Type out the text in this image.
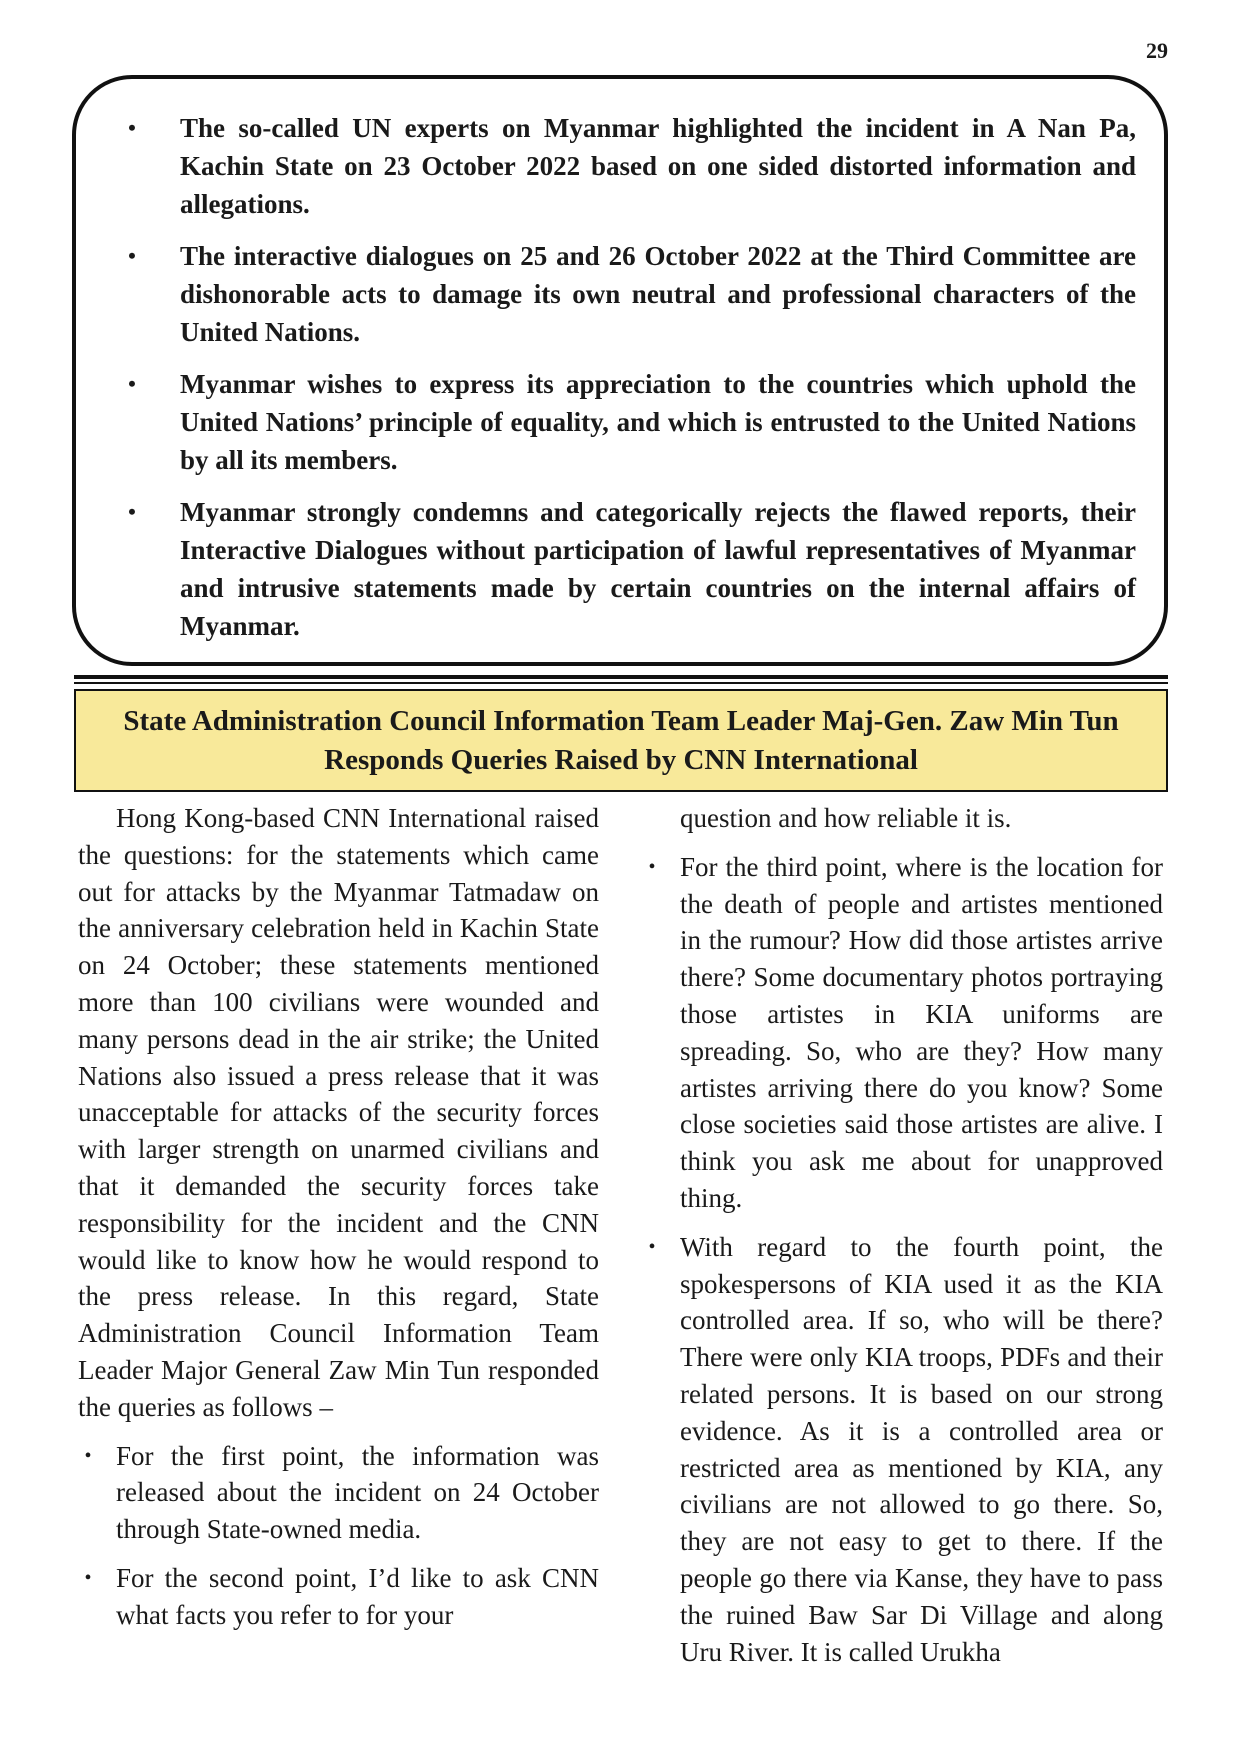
29
•	The so-called UN experts on Myanmar highlighted the incident in A Nan Pa, Kachin State on 23 October 2022 based on one sided distorted information and allegations.
•	The interactive dialogues on 25 and 26 October 2022 at the Third Committee are dishonorable acts to damage its own neutral and professional characters of the United Nations.
•	Myanmar wishes to express its appreciation to the countries which uphold the United Nations’ principle of equality, and which is entrusted to the United Nations by all its members.
•	Myanmar strongly condemns and categorically rejects the flawed reports, their Interactive Dialogues without participation of lawful representatives of Myanmar and intrusive statements made by certain countries on the internal affairs of Myanmar.
State Administration Council Information Team Leader Maj-Gen. Zaw Min Tun
Responds Queries Raised by CNN International

Hong Kong-based CNN International raised the questions: for the statements which came out for attacks by the Myanmar Tatmadaw on the anniversary celebration held in Kachin State on 24 October; these statements mentioned more than 100 civilians were wounded and many persons dead in the air strike; the United Nations also issued a press release that it was unacceptable for attacks of the security forces with larger strength on unarmed civilians and that it demanded the security forces take responsibility for the incident and the CNN would like to know how he would respond to the press release. In this regard, State Administration Council Information Team Leader Major General Zaw Min Tun responded the queries as follows –

• For the first point, the information was released about the incident on 24 October through State-owned media.
• For the second point, I’d like to ask CNN what facts you refer to for your

question and how reliable it is.

• For the third point, where is the location for the death of people and artistes mentioned in the rumour? How did those artistes arrive there? Some documentary photos portraying those artistes in KIA uniforms are spreading. So, who are they? How many artistes arriving there do you know? Some close societies said those artistes are alive. I think you ask me about for unapproved thing.
• With regard to the fourth point, the spokespersons of KIA used it as the KIA controlled area. If so, who will be there? There were only KIA troops, PDFs and their related persons. It is based on our strong evidence. As it is a controlled area or restricted area as mentioned by KIA, any civilians are not allowed to go there. So, they are not easy to get to there. If the people go there via Kanse, they have to pass the ruined Baw Sar Di Village and along Uru River. It is called Urukha
